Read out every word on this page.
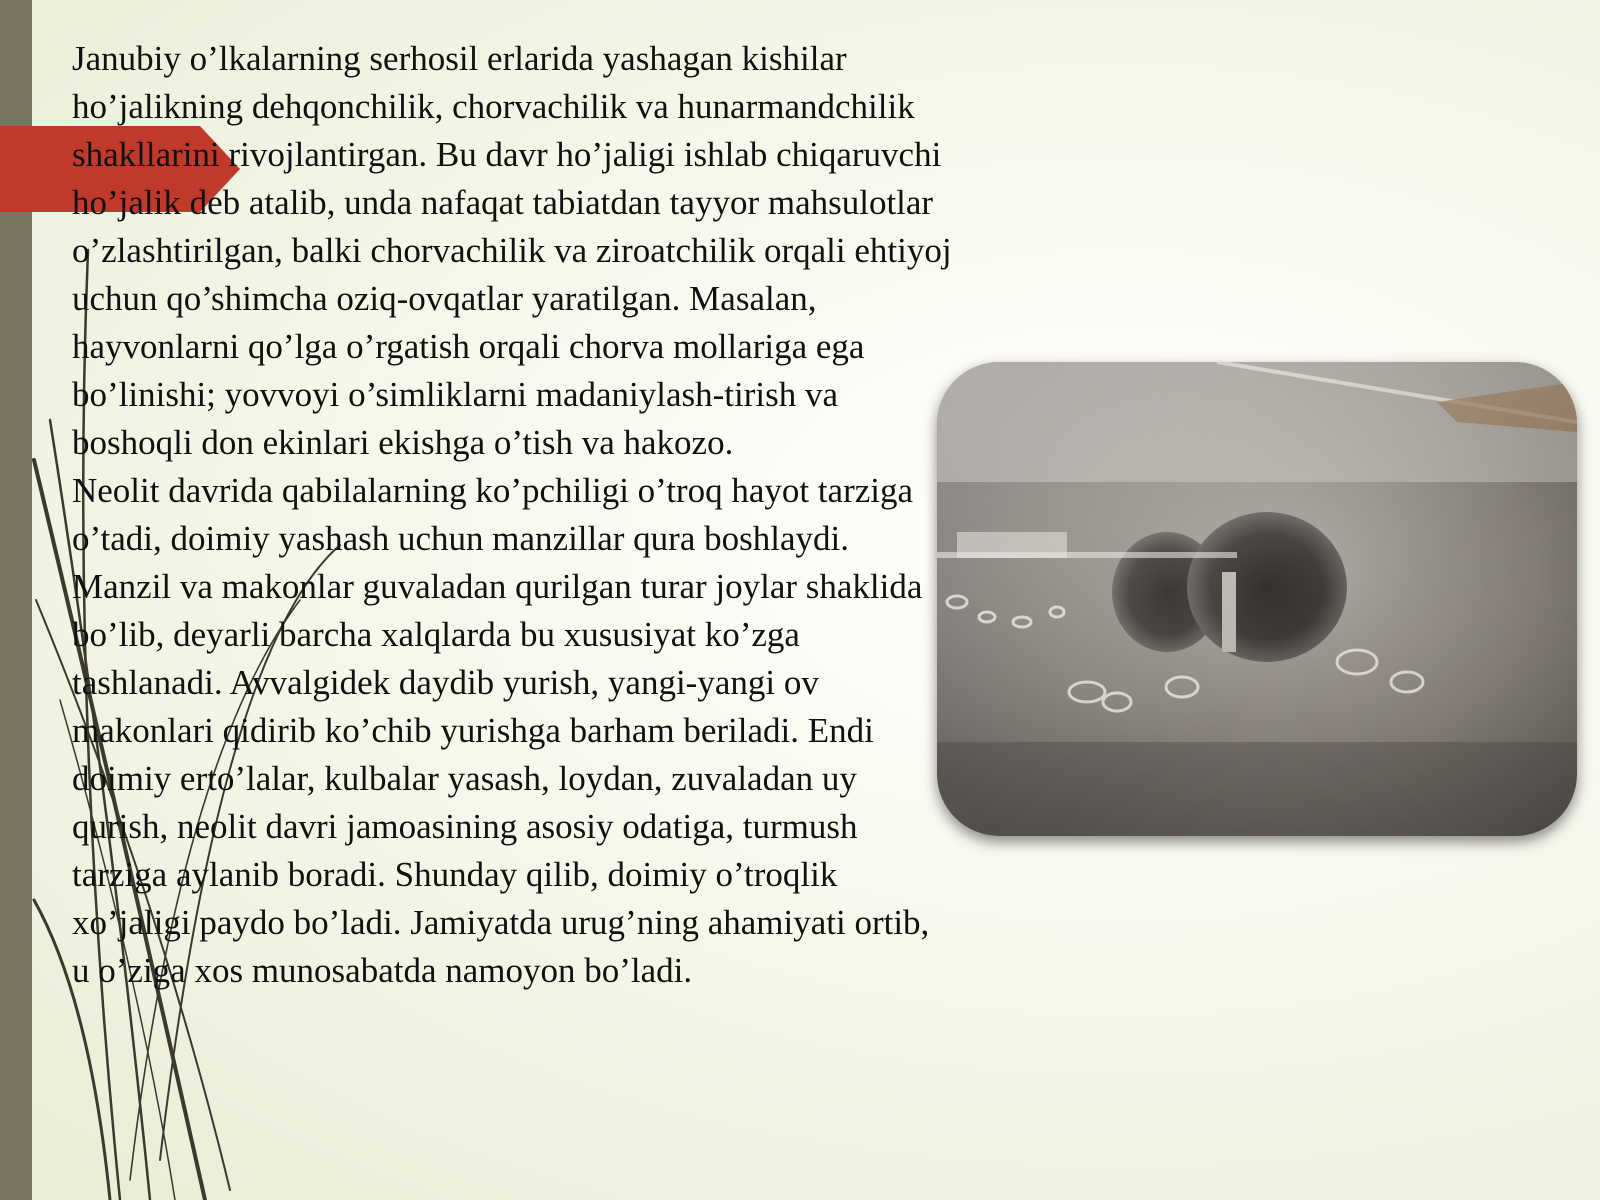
Janubiy o’lkalarning serhosil erlarida yashagan kishilar ho’jalikning dehqonchilik, chorvachilik va hunarmandchilik shakllarini rivojlantirgan. Bu davr ho’jaligi ishlab chiqaruvchi ho’jalik deb atalib, unda nafaqat tabiatdan tayyor mahsulotlar o’zlashtirilgan, balki chorvachilik va ziroatchilik orqali ehtiyoj uchun qo’shimcha oziq-ovqatlar yaratilgan. Masalan, hayvonlarni qo’lga o’rgatish orqali chorva mollariga ega bo’linishi; yovvoyi o’simliklarni madaniylash-tirish va boshoqli don ekinlari ekishga o’tish va hakozo.

Neolit davrida qabilalarning ko’pchiligi o’troq hayot tarziga o’tadi, doimiy yashash uchun manzillar qura boshlaydi. Manzil va makonlar guvaladan qurilgan turar joylar shaklida bo’lib, deyarli barcha xalqlarda bu xususiyat ko’zga tashlanadi. Avvalgidek daydib yurish, yangi-yangi ov makonlari qidirib ko’chib yurishga barham beriladi. Endi doimiy erto’lalar, kulbalar yasash, loydan, zuvaladan uy qurish, neolit davri jamoasining asosiy odatiga, turmush tarziga aylanib boradi. Shunday qilib, doimiy o’troqlik xo’jaligi paydo bo’ladi. Jamiyatda urug’ning ahamiyati ortib, u o’ziga xos munosabatda namoyon bo’ladi.
